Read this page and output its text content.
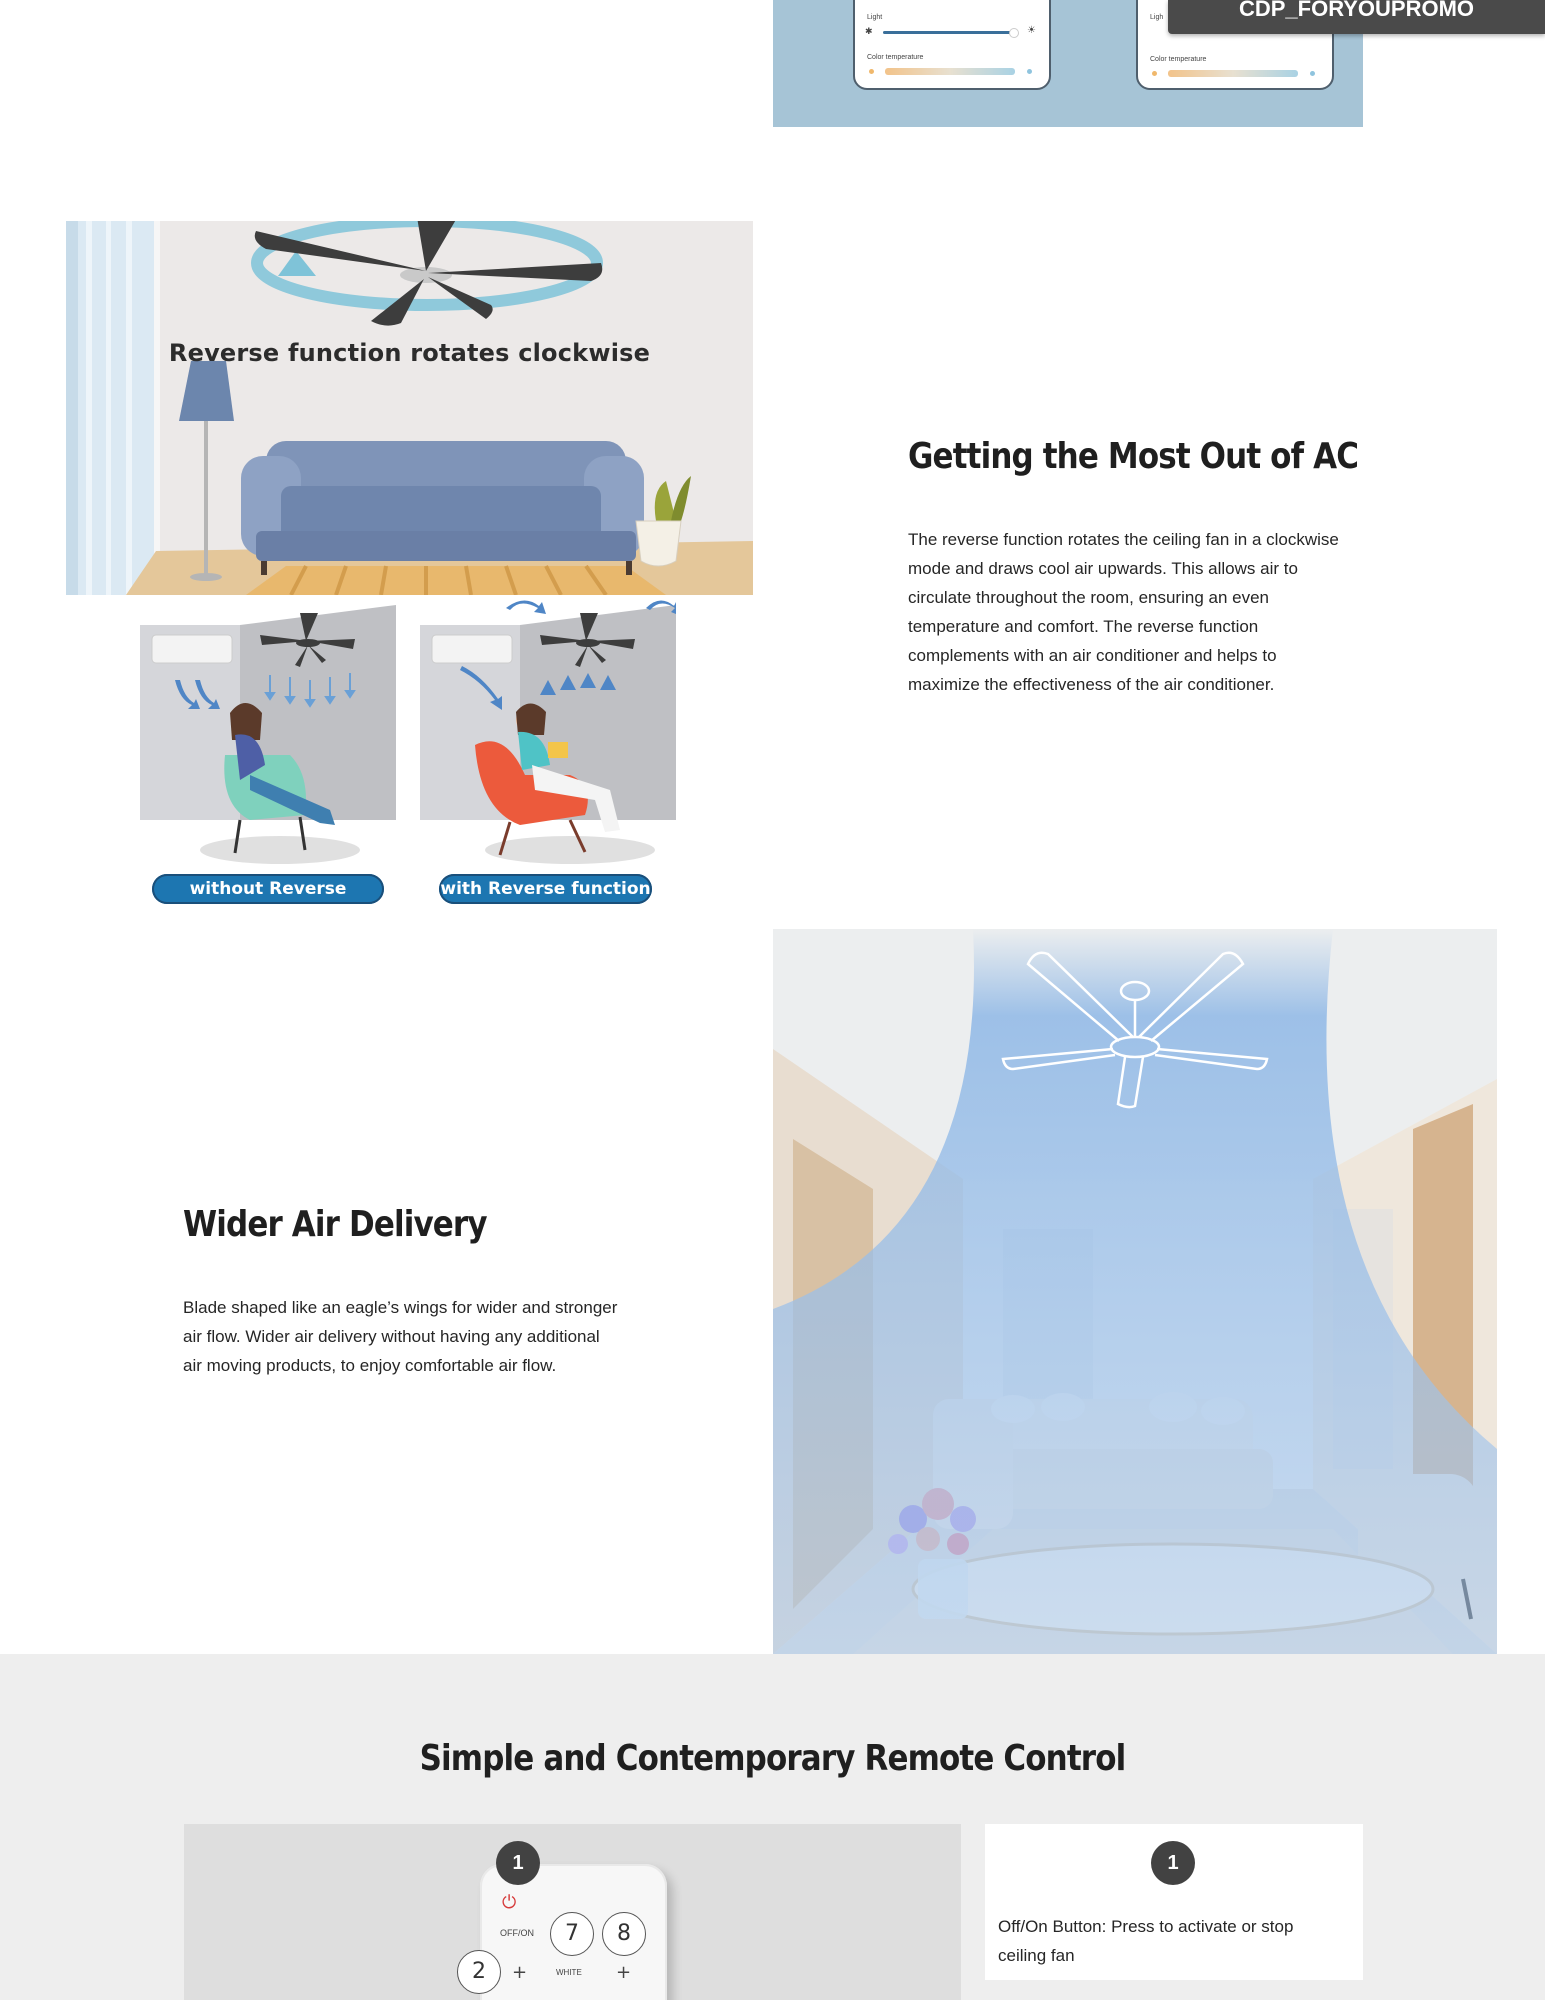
Light
✱	☀
Color temperature
Ligh
Color temperature
CDP_FORYOUPROMO
Reverse function rotates clockwise
without Reverse function
with Reverse function
Getting the Most Out of AC
The reverse function rotates the ceiling fan in a clockwise
mode and draws cool air upwards. This allows air to
circulate throughout the room, ensuring an even
temperature and comfort. The reverse function
complements with an air conditioner and helps to
maximize the effectiveness of the air conditioner.
Wider Air Delivery
Blade shaped like an eagle’s wings for wider and stronger
air flow. Wider air delivery without having any additional
air moving products, to enjoy comfortable air flow.
Simple and Contemporary Remote Control
⏻
OFF/ON	7	8
+	WHITE +
1
2
1
Off/On Button: Press to activate or stop
ceiling fan
